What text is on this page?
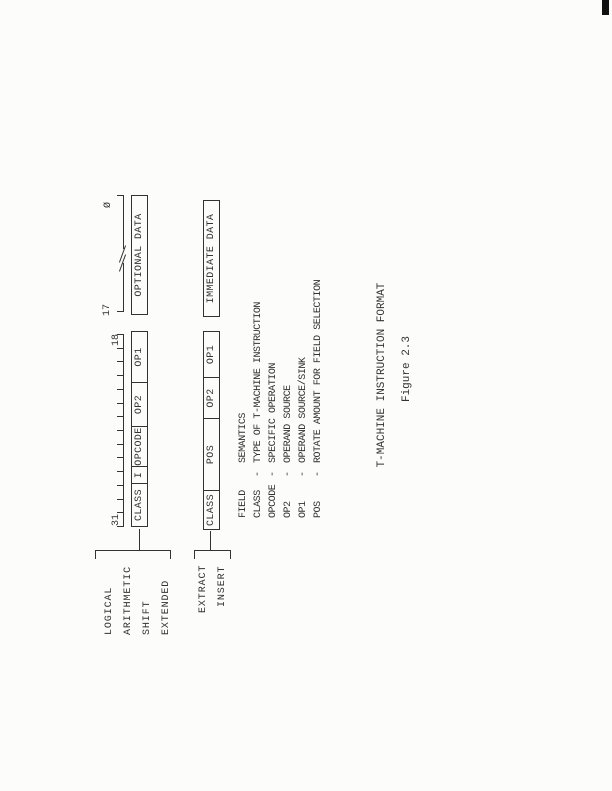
LOGICAL ARITHMETIC SHIFT EXTENDED
31
18
17
Ø
CLASS
I
OPCODE
OP2
OP1
OPTIONAL DATA
EXTRACT INSERT
CLASS
POS
OP2
OP1
IMMEDIATE DATA
FIELD
SEMANTICS
CLASS
-
TYPE OF T-MACHINE INSTRUCTION
OPCODE
-
SPECIFIC OPERATION
OP2
-
OPERAND SOURCE
OP1
-
OPERAND SOURCE/SINK
POS
-
ROTATE AMOUNT FOR FIELD SELECTION	T-MACHINE INSTRUCTION FORMAT Figure 2.3
